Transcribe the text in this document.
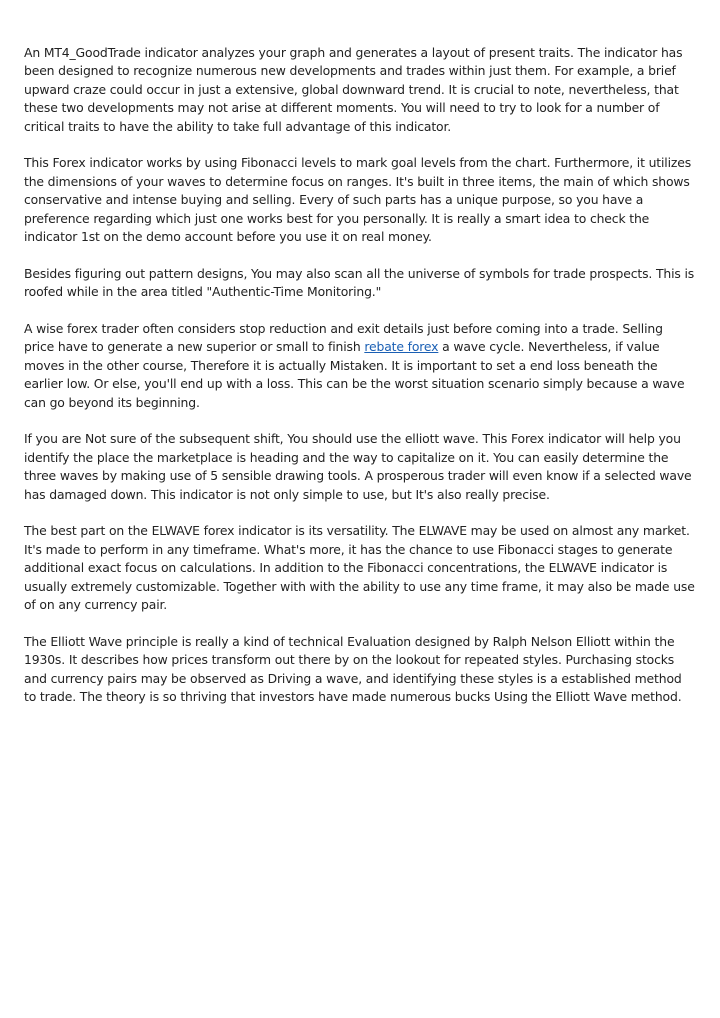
An MT4_GoodTrade indicator analyzes your graph and generates a layout of present traits. The indicator has been designed to recognize numerous new developments and trades within just them. For example, a brief upward craze could occur in just a extensive, global downward trend. It is crucial to note, nevertheless, that these two developments may not arise at different moments. You will need to try to look for a number of critical traits to have the ability to take full advantage of this indicator.

This Forex indicator works by using Fibonacci levels to mark goal levels from the chart. Furthermore, it utilizes the dimensions of your waves to determine focus on ranges. It's built in three items, the main of which shows conservative and intense buying and selling. Every of such parts has a unique purpose, so you have a preference regarding which just one works best for you personally. It is really a smart idea to check the indicator 1st on the demo account before you use it on real money.

Besides figuring out pattern designs, You may also scan all the universe of symbols for trade prospects. This is roofed while in the area titled "Authentic-Time Monitoring."

A wise forex trader often considers stop reduction and exit details just before coming into a trade. Selling price have to generate a new superior or small to finish rebate forex a wave cycle. Nevertheless, if value moves in the other course, Therefore it is actually Mistaken. It is important to set a end loss beneath the earlier low. Or else, you'll end up with a loss. This can be the worst situation scenario simply because a wave can go beyond its beginning.

If you are Not sure of the subsequent shift, You should use the elliott wave. This Forex indicator will help you identify the place the marketplace is heading and the way to capitalize on it. You can easily determine the three waves by making use of 5 sensible drawing tools. A prosperous trader will even know if a selected wave has damaged down. This indicator is not only simple to use, but It's also really precise.

The best part on the ELWAVE forex indicator is its versatility. The ELWAVE may be used on almost any market. It's made to perform in any timeframe. What's more, it has the chance to use Fibonacci stages to generate additional exact focus on calculations. In addition to the Fibonacci concentrations, the ELWAVE indicator is usually extremely customizable. Together with with the ability to use any time frame, it may also be made use of on any currency pair.

The Elliott Wave principle is really a kind of technical Evaluation designed by Ralph Nelson Elliott within the 1930s. It describes how prices transform out there by on the lookout for repeated styles. Purchasing stocks and currency pairs may be observed as Driving a wave, and identifying these styles is a established method to trade. The theory is so thriving that investors have made numerous bucks Using the Elliott Wave method.
